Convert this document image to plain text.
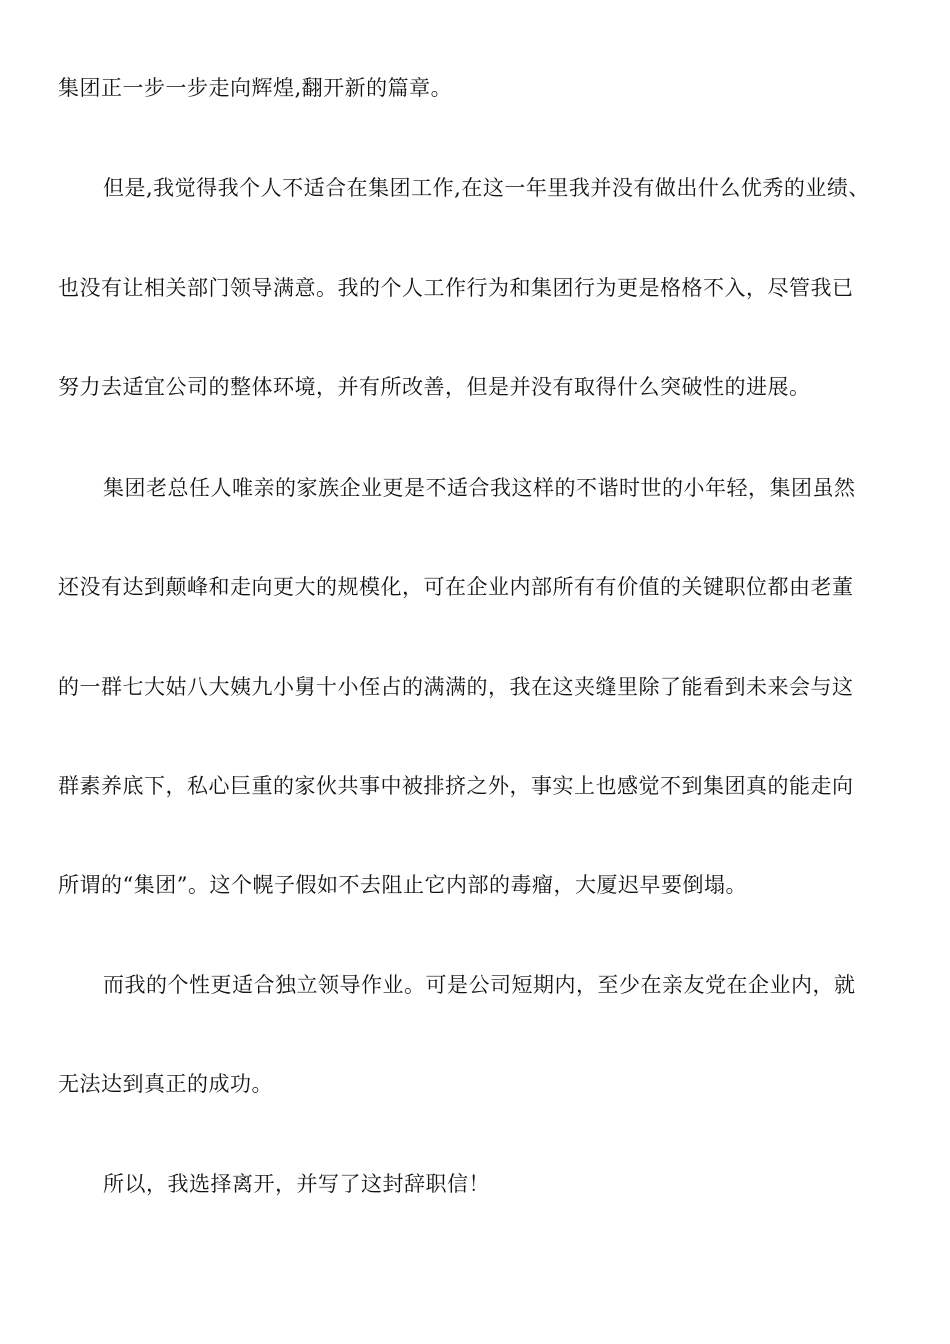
集团正一步一步走向辉煌,翻开新的篇章。
但是,我觉得我个人不适合在集团工作,在这一年里我并没有做出什么优秀的业绩、
也没有让相关部门领导满意。我的个人工作行为和集团行为更是格格不入，尽管我已
努力去适宜公司的整体环境，并有所改善，但是并没有取得什么突破性的进展。
集团老总任人唯亲的家族企业更是不适合我这样的不谐时世的小年轻，集团虽然
还没有达到颠峰和走向更大的规模化，可在企业内部所有有价值的关键职位都由老董
的一群七大姑八大姨九小舅十小侄占的满满的，我在这夹缝里除了能看到未来会与这
群素养底下，私心巨重的家伙共事中被排挤之外，事实上也感觉不到集团真的能走向
所谓的“集团”。这个幌子假如不去阻止它内部的毒瘤，大厦迟早要倒塌。
而我的个性更适合独立领导作业。可是公司短期内，至少在亲友党在企业内，就
无法达到真正的成功。
所以，我选择离开，并写了这封辞职信！
